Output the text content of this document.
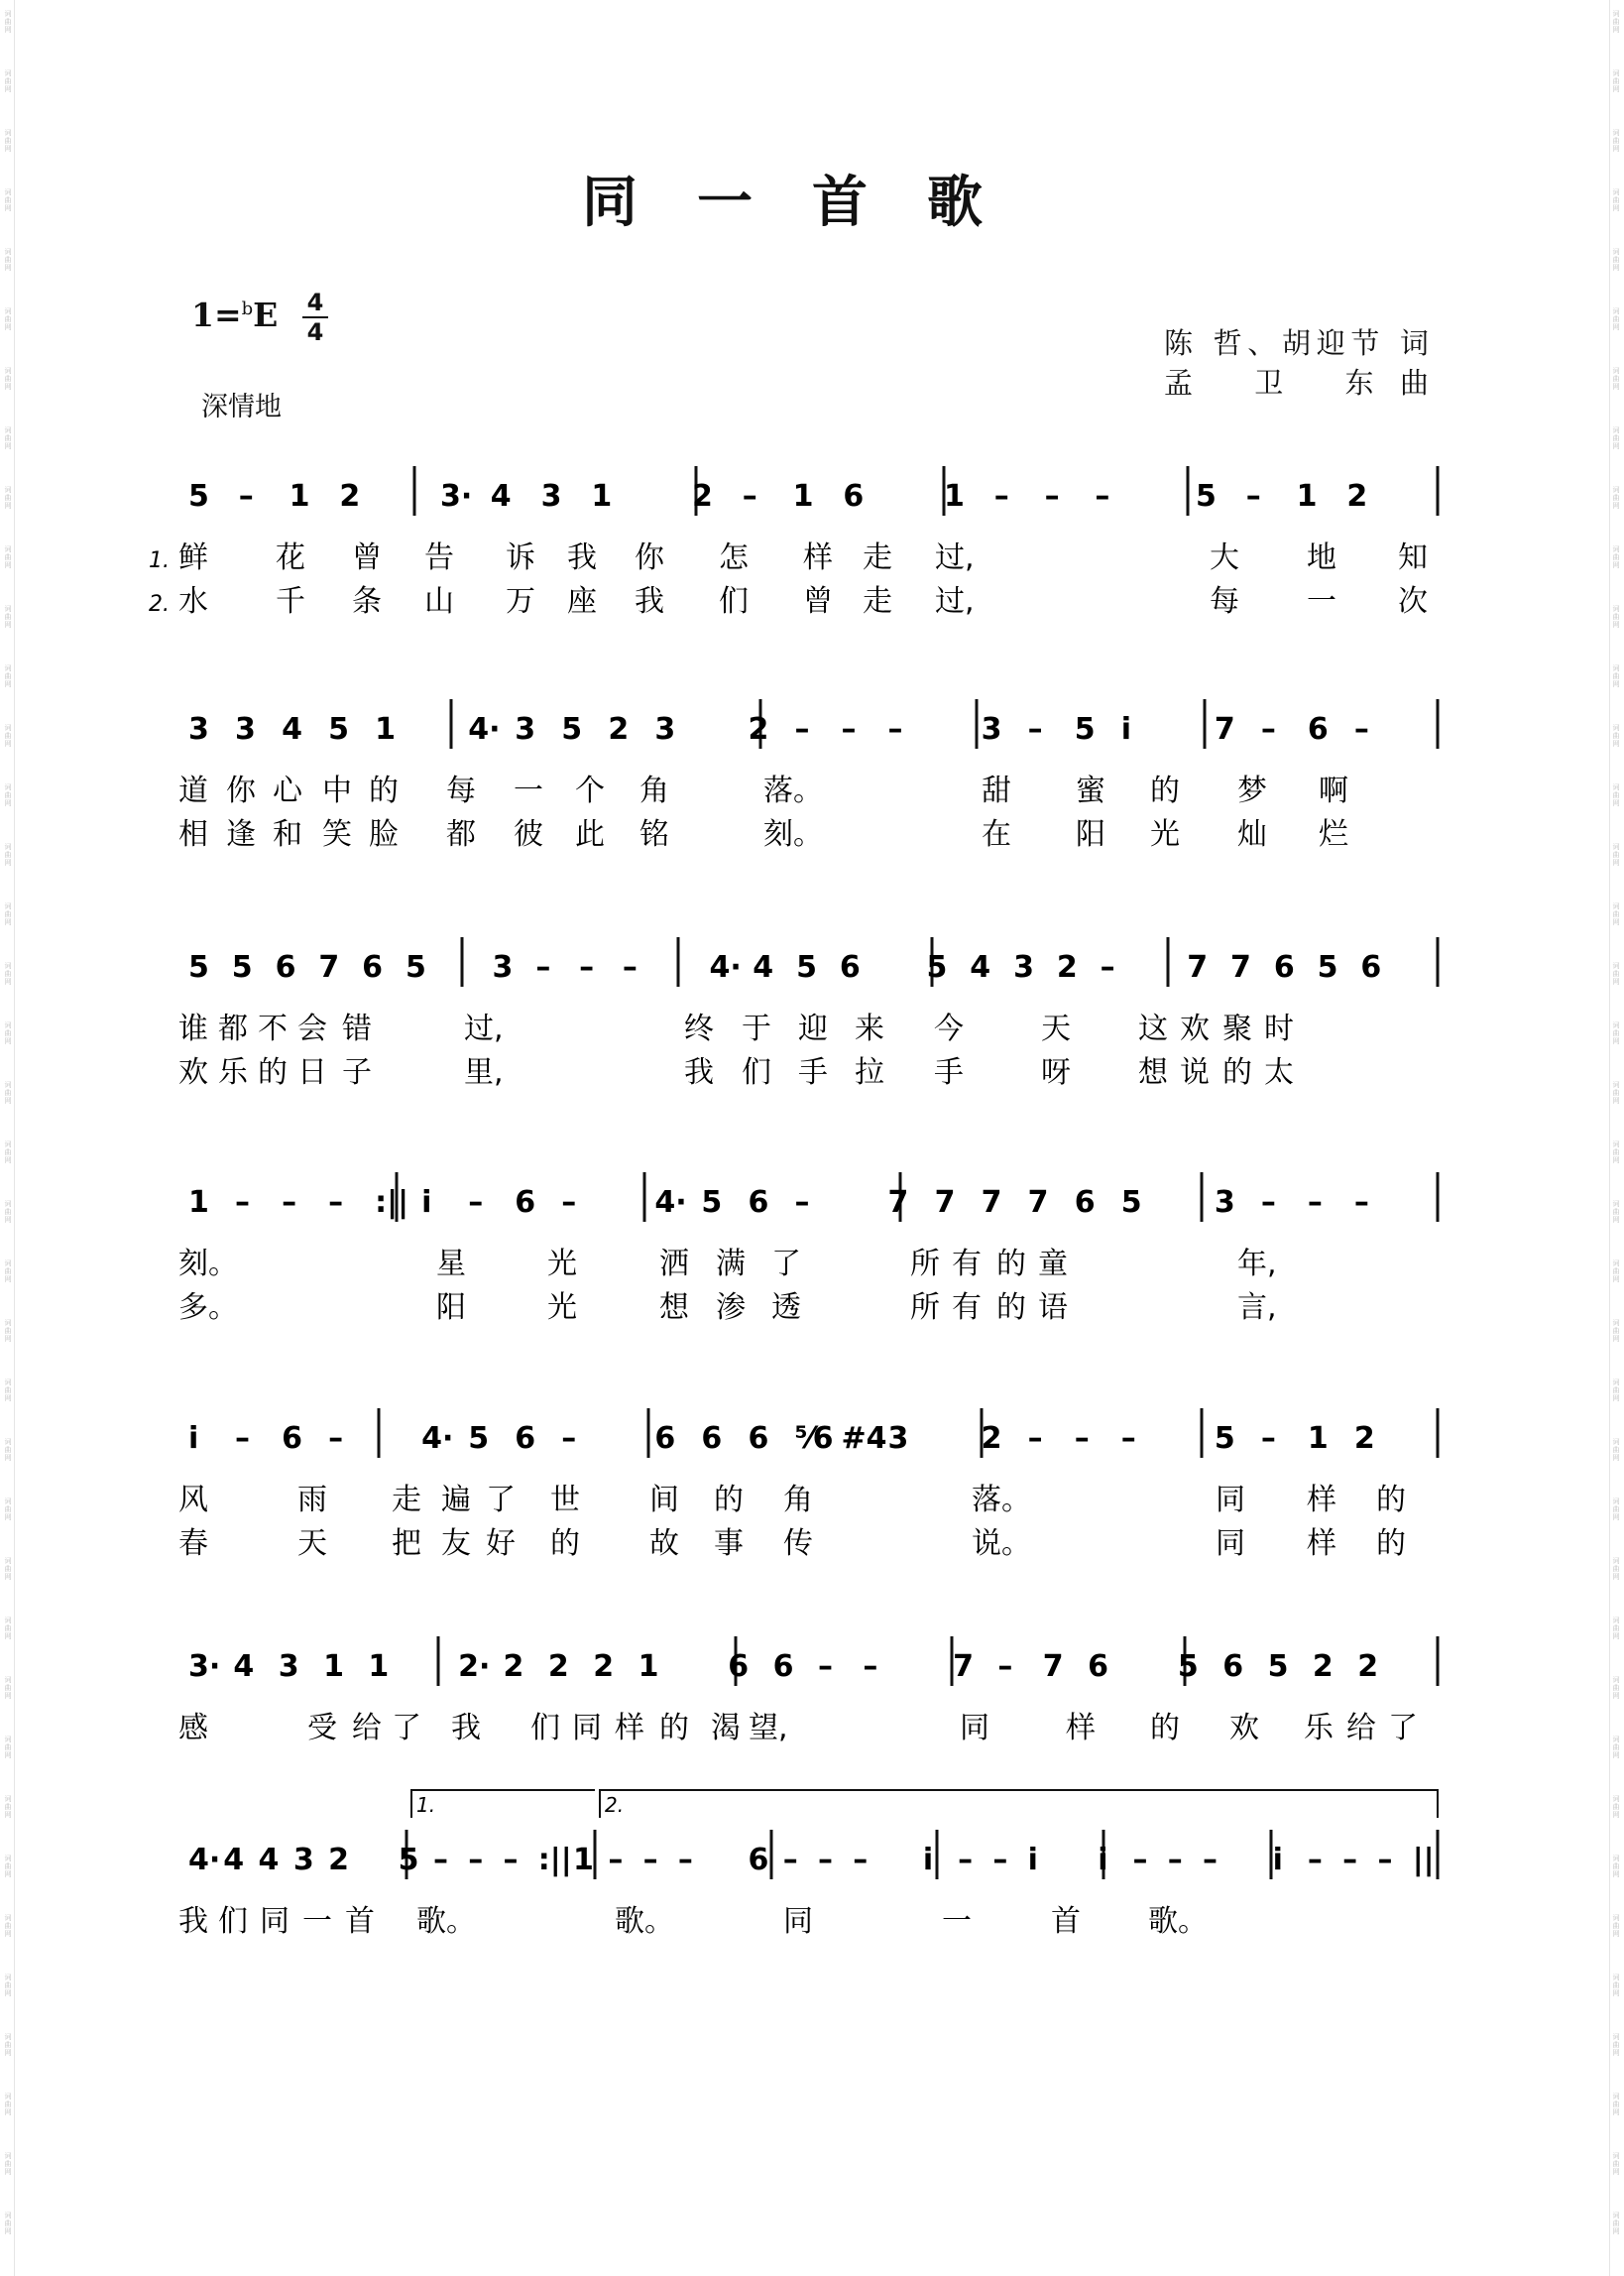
同一首歌
1=$^b$E 4
4
深情地
陈 哲、胡迎节 词
孟 卫 东曲
5 – 1 2	3· 4 3 1	2 – 1 6	1 – – –	5 – 1 2
1.
2.
鲜 花 曾 告 诉 我 你 怎 样 走 过,	大 地 知
水 千 条 山 万 座 我 们 曾 走 过,	每 一 次
3 3 4 5 1 4· 3 5 2 3 2 – – –	3 – 5 i	7 – 6 –
道 你 心 中 的 每 一 个 角	落。	甜 蜜 的 梦 啊
相 逢 和 笑 脸 都 彼 此 铭	刻。	在 阳 光 灿 烂
5 5 6 7 6 5 3 – – – 4· 4 5 6 5 4 3 2 – 7 7 6 5 6
谁 都 不 会 错	过,	终 于 迎 来 今	天 这 欢 聚 时
欢 乐 的 日 子	里,	我 们 手 拉 手	呀 想 说 的 太
1 – – – :|| i – 6 –	4· 5 6 –	7 7 7 7 6 5 3 – – –
刻。	星	光	洒 满 了	所 有 的 童	年,
多。	阳	光	想 渗 透	所 有 的 语	言,
i – 6 –	4· 5 6 –	6 6 6 ⁵⁄6 #4 3 2 – – –	5 – 1 2
风	雨 走 遍 了 世 间 的 角	落。	同 样 的
春	天 把 友 好 的 故 事 传	说。	同 样 的
3· 4 3 1 1 2· 2 2 2 1 6 6 – –	7 – 7 6 5 6 5 2 2
感	受 给 了 我 们 同 样 的 渴 望,	同	样 的 欢 乐 给 了
4· 4 4 3 2 5 – – – :|| 1 – – – 6 – – – i – – i i – – – i – – – ||
我 们 同 一 首 歌。	歌。	同	一	首 歌。
1.	2.
词
曲
网
词
曲
网
词
曲
网
词
曲
网
词
曲
网
词
曲
网
词
曲
网
词
曲
网
词
曲
网
词
曲
网
词
曲
网
词
曲
网
词
曲
网
词
曲
网
词
曲
网
词
曲
网
词
曲
网
词
曲
网
词
曲
网
词
曲
网
词
曲
网
词
曲
网
词
曲
网
词
曲
网
词
曲
网
词
曲
网
词
曲
网
词
曲
网
词
曲
网
词
曲
网
词
曲
网
词
曲
网
词
曲
网
词
曲
网
词
曲
网
词
曲
网
词
曲
网
词
曲
网
词
曲
网
词
曲
网
词
曲
网
词
曲
网
词
曲
网
词
曲
网
词
曲
网
词
曲
网
词
曲
网
词
曲
网
词
曲
网
词
曲
网
词
曲
网
词
曲
网
词
曲
网
词
曲
网
词
曲
网
词
曲
网
词
曲
网
词
曲
网
词
曲
网
词
曲
网
词
曲
网
词
曲
网
词
曲
网
词
曲
网
词
曲
网
词
曲
网
词
曲
网
词
曲
网
词
曲
网
词
曲
网
词
曲
网
词
曲
网
词
曲
网
词
曲
网
词
曲
网
词
曲
网
